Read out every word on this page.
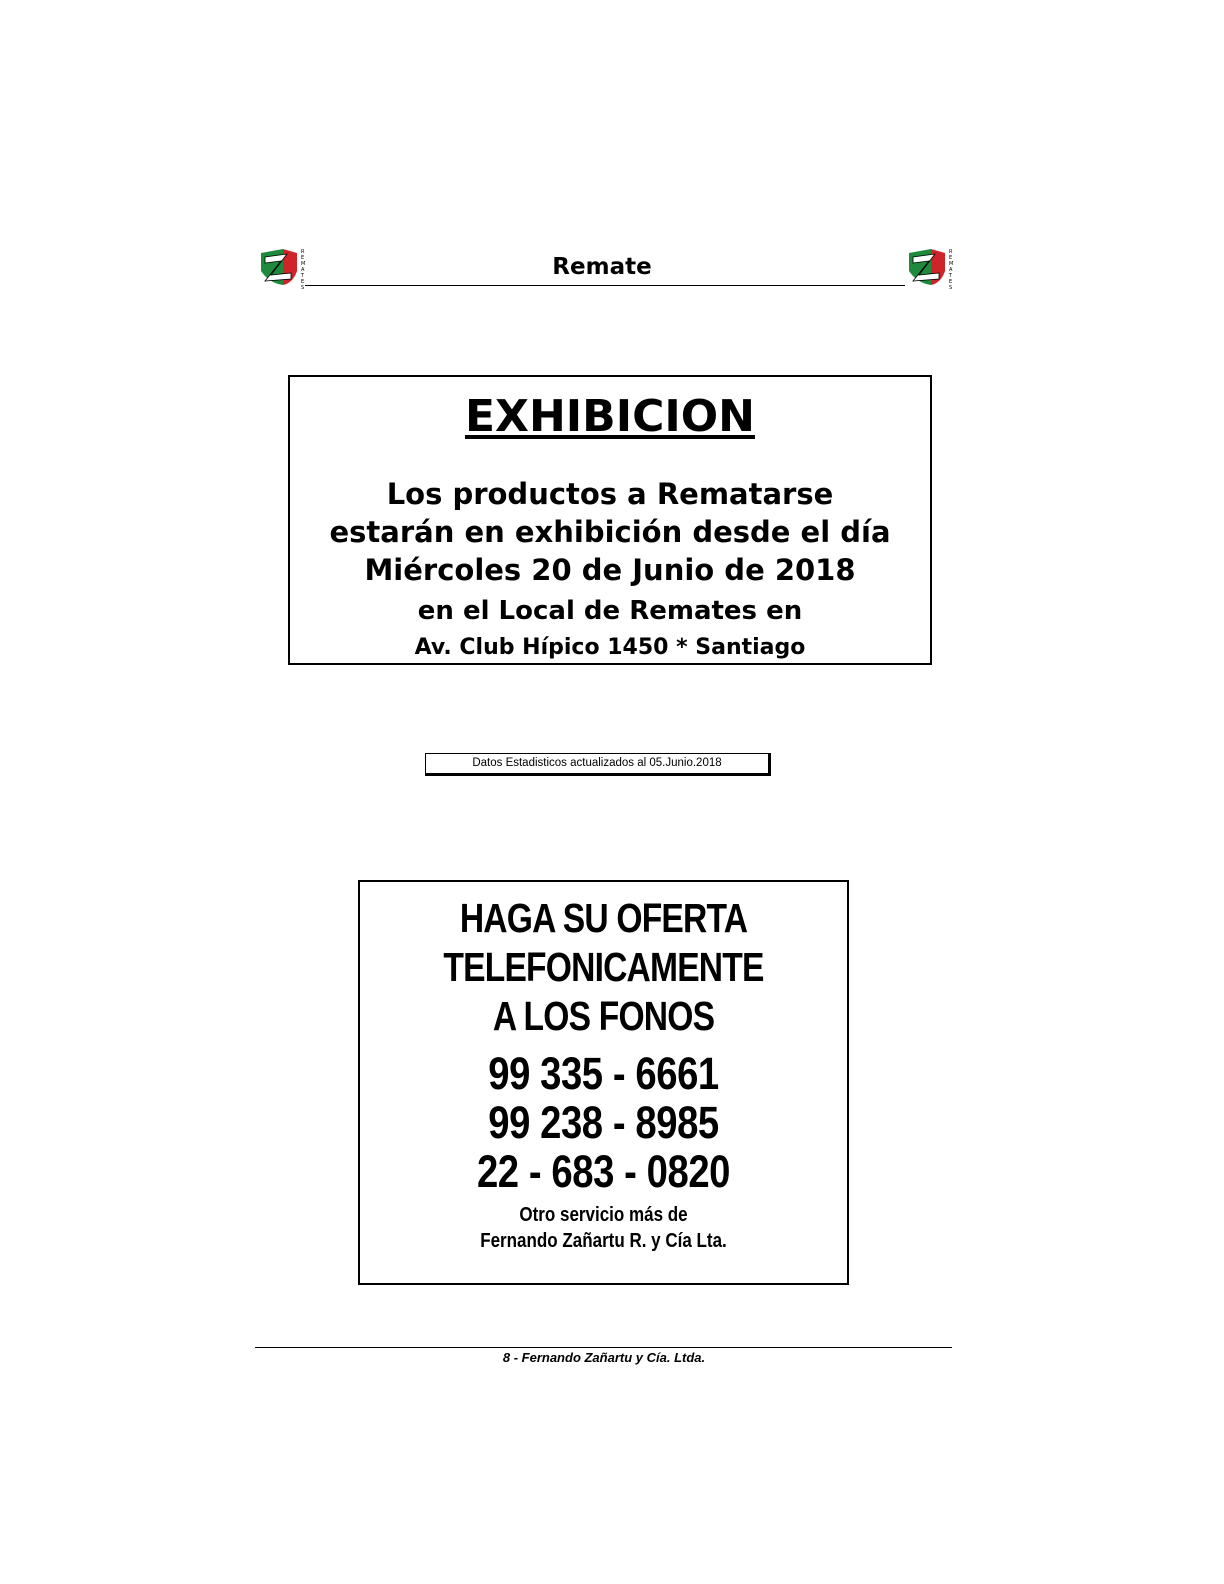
R
E
M
A
T
E
S
Remate
R
E
M
A
T
E
S
EXHIBICION
Los productos a Rematarse
estarán en exhibición desde el día
Miércoles 20 de Junio de 2018
en el Local de Remates en
Av. Club Hípico 1450 * Santiago
Datos Estadisticos actualizados al 05.Junio.2018
HAGA SU OFERTA
TELEFONICAMENTE
A LOS FONOS
99 335 - 6661
99 238 - 8985
22 - 683 - 0820
Otro servicio más de
Fernando Zañartu R. y Cía Lta.
8 - Fernando Zañartu y Cía. Ltda.
